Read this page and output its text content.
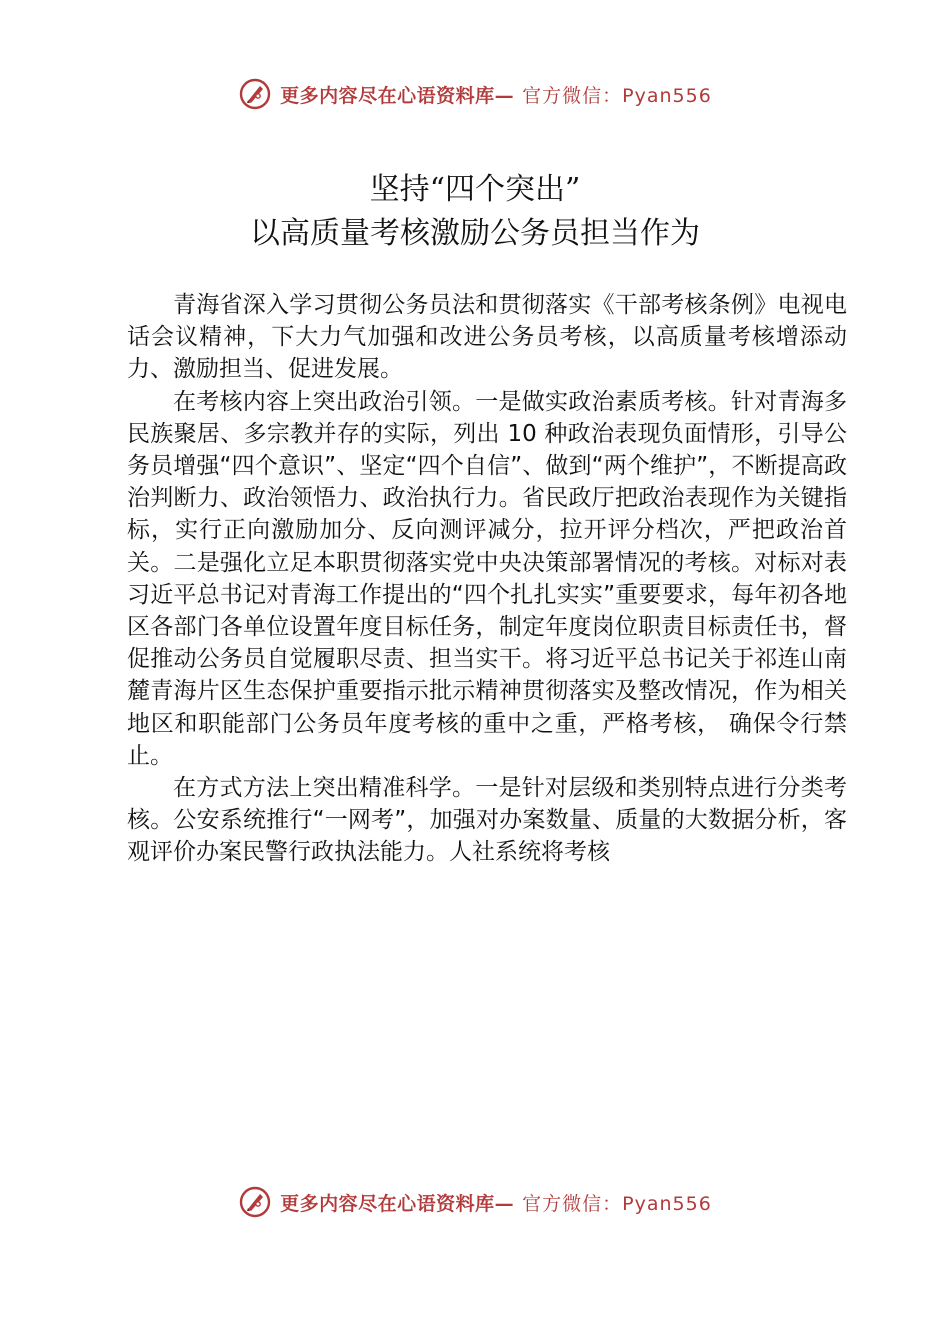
更多内容尽在心语资料库— 官方微信：Pyan556
坚持“四个突出”
以高质量考核激励公务员担当作为

青海省深入学习贯彻公务员法和贯彻落实《干部考核条例》电视电话会议精神，下大力气加强和改进公务员考核，以高质量考核增添动力、激励担当、促进发展。

在考核内容上突出政治引领。一是做实政治素质考核。针对青海多民族聚居、多宗教并存的实际，列出 10 种政治表现负面情形，引导公务员增强“四个意识”、坚定“四个自信”、做到“两个维护”，不断提高政治判断力、政治领悟力、政治执行力。省民政厅把政治表现作为关键指标，实行正向激励加分、反向测评减分，拉开评分档次，严把政治首关。二是强化立足本职贯彻落实党中央决策部署情况的考核。对标对表习近平总书记对青海工作提出的“四个扎扎实实”重要要求，每年初各地区各部门各单位设置年度目标任务，制定年度岗位职责目标责任书，督促推动公务员自觉履职尽责、担当实干。将习近平总书记关于祁连山南麓青海片区生态保护重要指示批示精神贯彻落实及整改情况，作为相关地区和职能部门公务员年度考核的重中之重，严格考核， 确保令行禁止。

在方式方法上突出精准科学。一是针对层级和类别特点进行分类考核。公安系统推行“一网考”，加强对办案数量、质量的大数据分析，客观评价办案民警行政执法能力。人社系统将考核

更多内容尽在心语资料库— 官方微信：Pyan556
